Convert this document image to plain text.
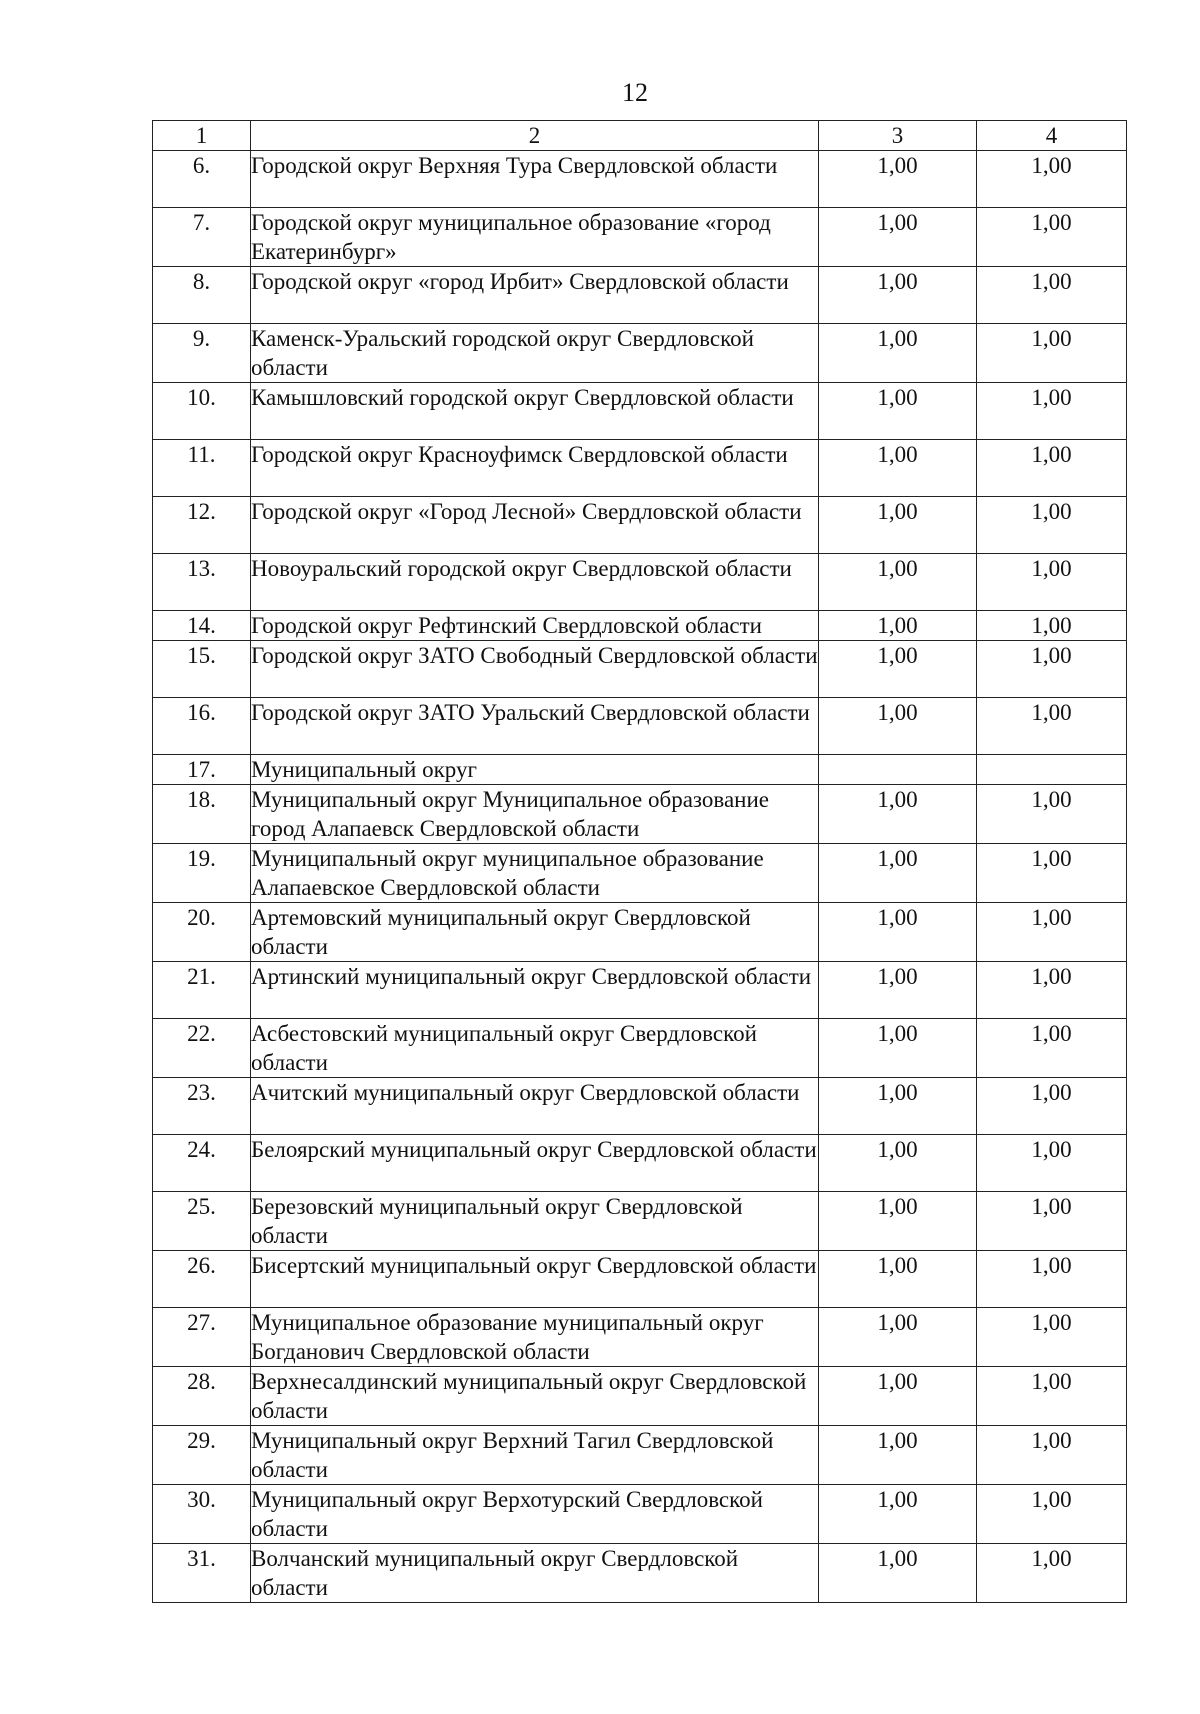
12
1	2	3	4
6.	Городской округ Верхняя Тура Свердловской области	1,00	1,00
7.	Городской округ муниципальное образование «город Екатеринбург»	1,00	1,00
8.	Городской округ «город Ирбит» Свердловской области	1,00	1,00
9.	Каменск-Уральский городской округ Свердловской области	1,00	1,00
10.	Камышловский городской округ Свердловской области	1,00	1,00
11.	Городской округ Красноуфимск Свердловской области	1,00	1,00
12.	Городской округ «Город Лесной» Свердловской области	1,00	1,00
13.	Новоуральский городской округ Свердловской области	1,00	1,00
14.	Городской округ Рефтинский Свердловской области	1,00	1,00
15.	Городской округ ЗАТО Свободный Свердловской области	1,00	1,00
16.	Городской округ ЗАТО Уральский Свердловской области	1,00	1,00
17.	Муниципальный округ		
18.	Муниципальный округ Муниципальное образование город Алапаевск Свердловской области	1,00	1,00
19.	Муниципальный округ муниципальное образование Алапаевское Свердловской области	1,00	1,00
20.	Артемовский муниципальный округ Свердловской области	1,00	1,00
21.	Артинский муниципальный округ Свердловской области	1,00	1,00
22.	Асбестовский муниципальный округ Свердловской области	1,00	1,00
23.	Ачитский муниципальный округ Свердловской области	1,00	1,00
24.	Белоярский муниципальный округ Свердловской области	1,00	1,00
25.	Березовский муниципальный округ Свердловской области	1,00	1,00
26.	Бисертский муниципальный округ Свердловской области	1,00	1,00
27.	Муниципальное образование муниципальный округ Богданович Свердловской области	1,00	1,00
28.	Верхнесалдинский муниципальный округ Свердловской области	1,00	1,00
29.	Муниципальный округ Верхний Тагил Свердловской области	1,00	1,00
30.	Муниципальный округ Верхотурский Свердловской области	1,00	1,00
31.	Волчанский муниципальный округ Свердловской области	1,00	1,00
